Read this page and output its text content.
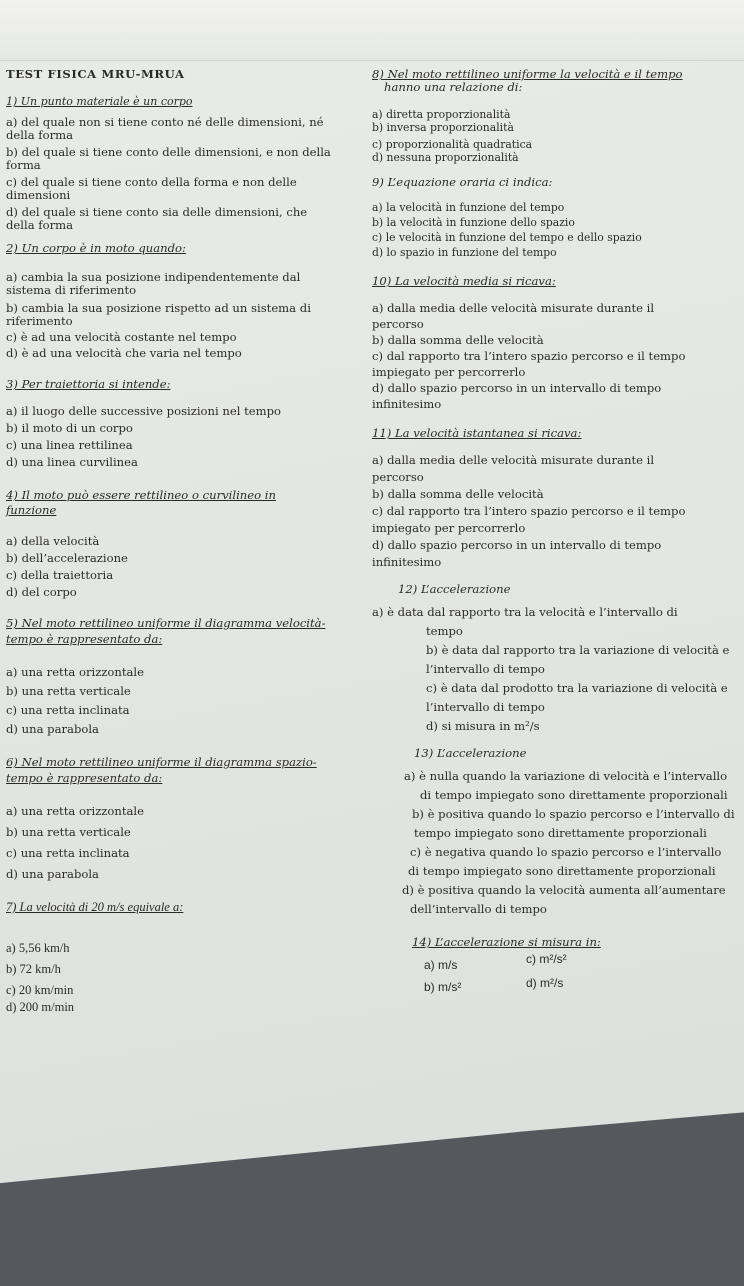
TEST FISICA MRU-MRUA
1) Un punto materiale è un corpo
a) del quale non si tiene conto né delle dimensioni, né
della forma
b) del quale si tiene conto delle dimensioni, e non della
forma
c) del quale si tiene conto della forma e non delle
dimensioni
d) del quale si tiene conto sia delle dimensioni, che
della forma
2) Un corpo è in moto quando:
a) cambia la sua posizione indipendentemente dal
sistema di riferimento
b) cambia la sua posizione rispetto ad un sistema di
riferimento
c) è ad una velocità costante nel tempo
d) è ad una velocità che varia nel tempo
3) Per traiettoria si intende:
a) il luogo delle successive posizioni nel tempo
b) il moto di un corpo
c) una linea rettilinea
d) una linea curvilinea
4) Il moto può essere rettilineo o curvilineo in
funzione
a) della velocità
b) dell’accelerazione
c) della traiettoria
d) del corpo
5) Nel moto rettilineo uniforme il diagramma velocità-
tempo è rappresentato da:
a) una retta orizzontale
b) una retta verticale
c) una retta inclinata
d) una parabola
6) Nel moto rettilineo uniforme il diagramma spazio-
tempo è rappresentato da:
a) una retta orizzontale
b) una retta verticale
c) una retta inclinata
d) una parabola
7) La velocità di 20 m/s equivale a:
a) 5,56 km/h
b) 72 km/h
c) 20 km/min
d) 200 m/min
8) Nel moto rettilineo uniforme la velocità e il tempo
hanno una relazione di:
a) diretta proporzionalità
b) inversa proporzionalità
c) proporzionalità quadratica
d) nessuna proporzionalità
9) L’equazione oraria ci indica:
a) la velocità in funzione del tempo
b) la velocità in funzione dello spazio
c) le velocità in funzione del tempo e dello spazio
d) lo spazio in funzione del tempo
10) La velocità media si ricava:
a) dalla media delle velocità misurate durante il
percorso
b) dalla somma delle velocità
c) dal rapporto tra l’intero spazio percorso e il tempo
impiegato per percorrerlo
d) dallo spazio percorso in un intervallo di tempo
infinitesimo
11) La velocità istantanea si ricava:
a) dalla media delle velocità misurate durante il
percorso
b) dalla somma delle velocità
c) dal rapporto tra l’intero spazio percorso e il tempo
impiegato per percorrerlo
d) dallo spazio percorso in un intervallo di tempo
infinitesimo
12) L’accelerazione
a) è data dal rapporto tra la velocità e l’intervallo di
tempo
b) è data dal rapporto tra la variazione di velocità e
l’intervallo di tempo
c) è data dal prodotto tra la variazione di velocità e
l’intervallo di tempo
d) si misura in m²/s
13) L’accelerazione
a) è nulla quando la variazione di velocità e l’intervallo
di tempo impiegato sono direttamente proporzionali
b) è positiva quando lo spazio percorso e l’intervallo di
tempo impiegato sono direttamente proporzionali
c) è negativa quando lo spazio percorso e l’intervallo
di tempo impiegato sono direttamente proporzionali
d) è positiva quando la velocità aumenta all’aumentare
dell’intervallo di tempo
14) L’accelerazione si misura in:
a) m/s
b) m/s²
c) m²/s²
d) m²/s
